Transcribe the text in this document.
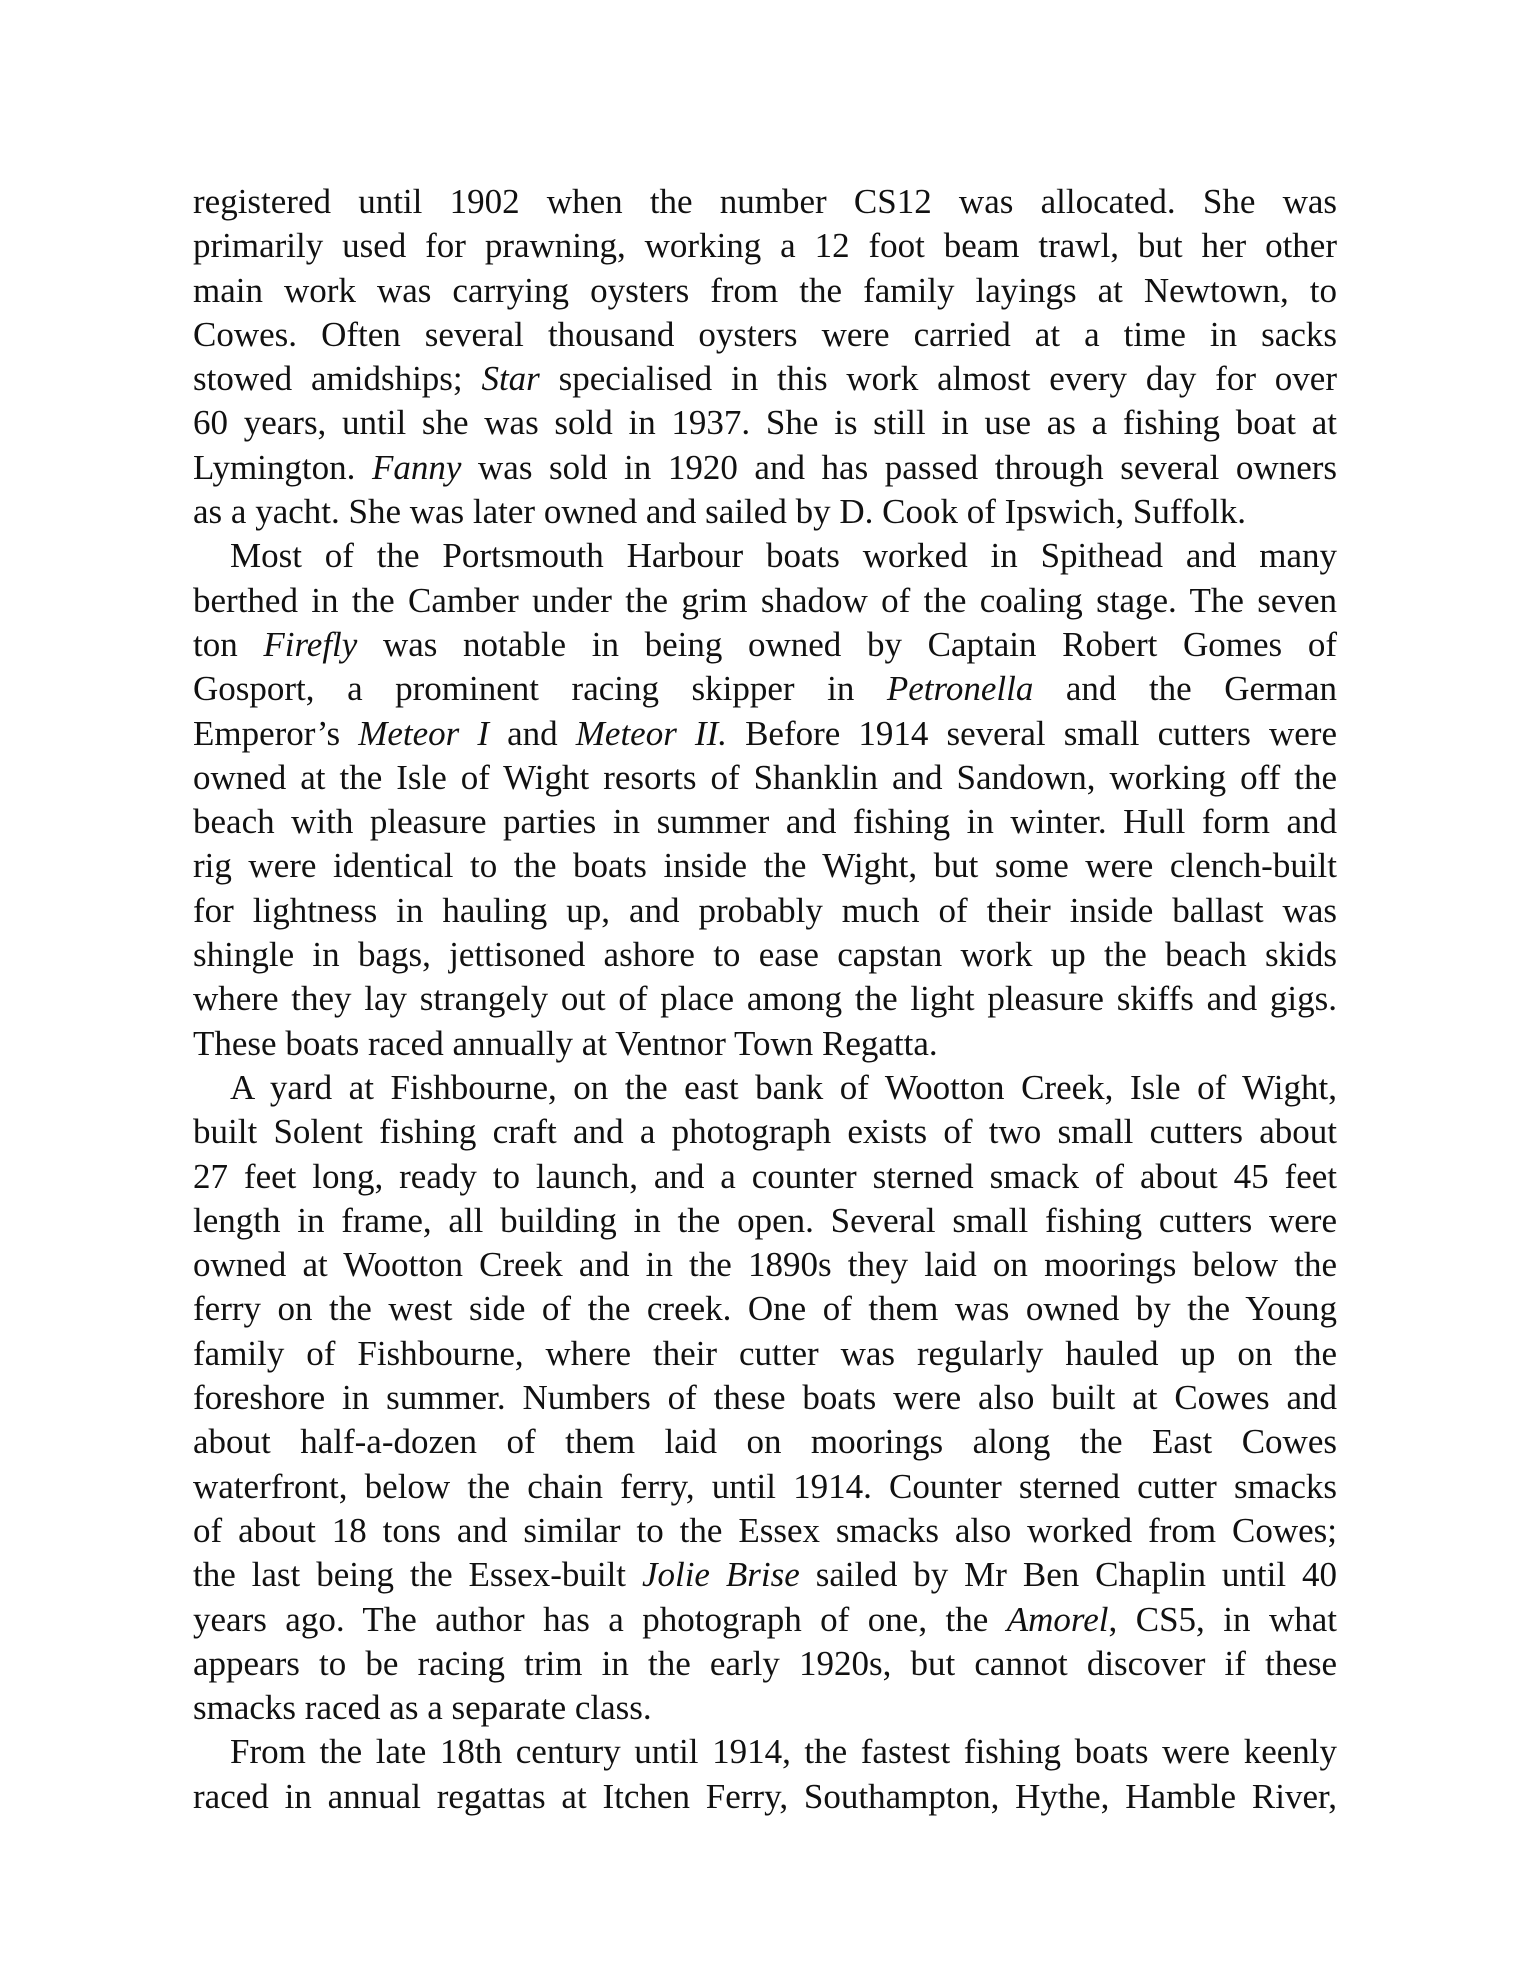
registered until 1902 when the number CS12 was allocated. She was
primarily used for prawning, working a 12 foot beam trawl, but her other
main work was carrying oysters from the family layings at Newtown, to
Cowes. Often several thousand oysters were carried at a time in sacks
stowed amidships; Star specialised in this work almost every day for over
60 years, until she was sold in 1937. She is still in use as a fishing boat at
Lymington. Fanny was sold in 1920 and has passed through several owners
as a yacht. She was later owned and sailed by D. Cook of Ipswich, Suffolk.
Most of the Portsmouth Harbour boats worked in Spithead and many
berthed in the Camber under the grim shadow of the coaling stage. The seven
ton Firefly was notable in being owned by Captain Robert Gomes of
Gosport, a prominent racing skipper in Petronella and the German
Emperor’s Meteor I and Meteor II. Before 1914 several small cutters were
owned at the Isle of Wight resorts of Shanklin and Sandown, working off the
beach with pleasure parties in summer and fishing in winter. Hull form and
rig were identical to the boats inside the Wight, but some were clench-built
for lightness in hauling up, and probably much of their inside ballast was
shingle in bags, jettisoned ashore to ease capstan work up the beach skids
where they lay strangely out of place among the light pleasure skiffs and gigs.
These boats raced annually at Ventnor Town Regatta.
A yard at Fishbourne, on the east bank of Wootton Creek, Isle of Wight,
built Solent fishing craft and a photograph exists of two small cutters about
27 feet long, ready to launch, and a counter sterned smack of about 45 feet
length in frame, all building in the open. Several small fishing cutters were
owned at Wootton Creek and in the 1890s they laid on moorings below the
ferry on the west side of the creek. One of them was owned by the Young
family of Fishbourne, where their cutter was regularly hauled up on the
foreshore in summer. Numbers of these boats were also built at Cowes and
about half-a-dozen of them laid on moorings along the East Cowes
waterfront, below the chain ferry, until 1914. Counter sterned cutter smacks
of about 18 tons and similar to the Essex smacks also worked from Cowes;
the last being the Essex-built Jolie Brise sailed by Mr Ben Chaplin until 40
years ago. The author has a photograph of one, the Amorel, CS5, in what
appears to be racing trim in the early 1920s, but cannot discover if these
smacks raced as a separate class.
From the late 18th century until 1914, the fastest fishing boats were keenly
raced in annual regattas at Itchen Ferry, Southampton, Hythe, Hamble River,
